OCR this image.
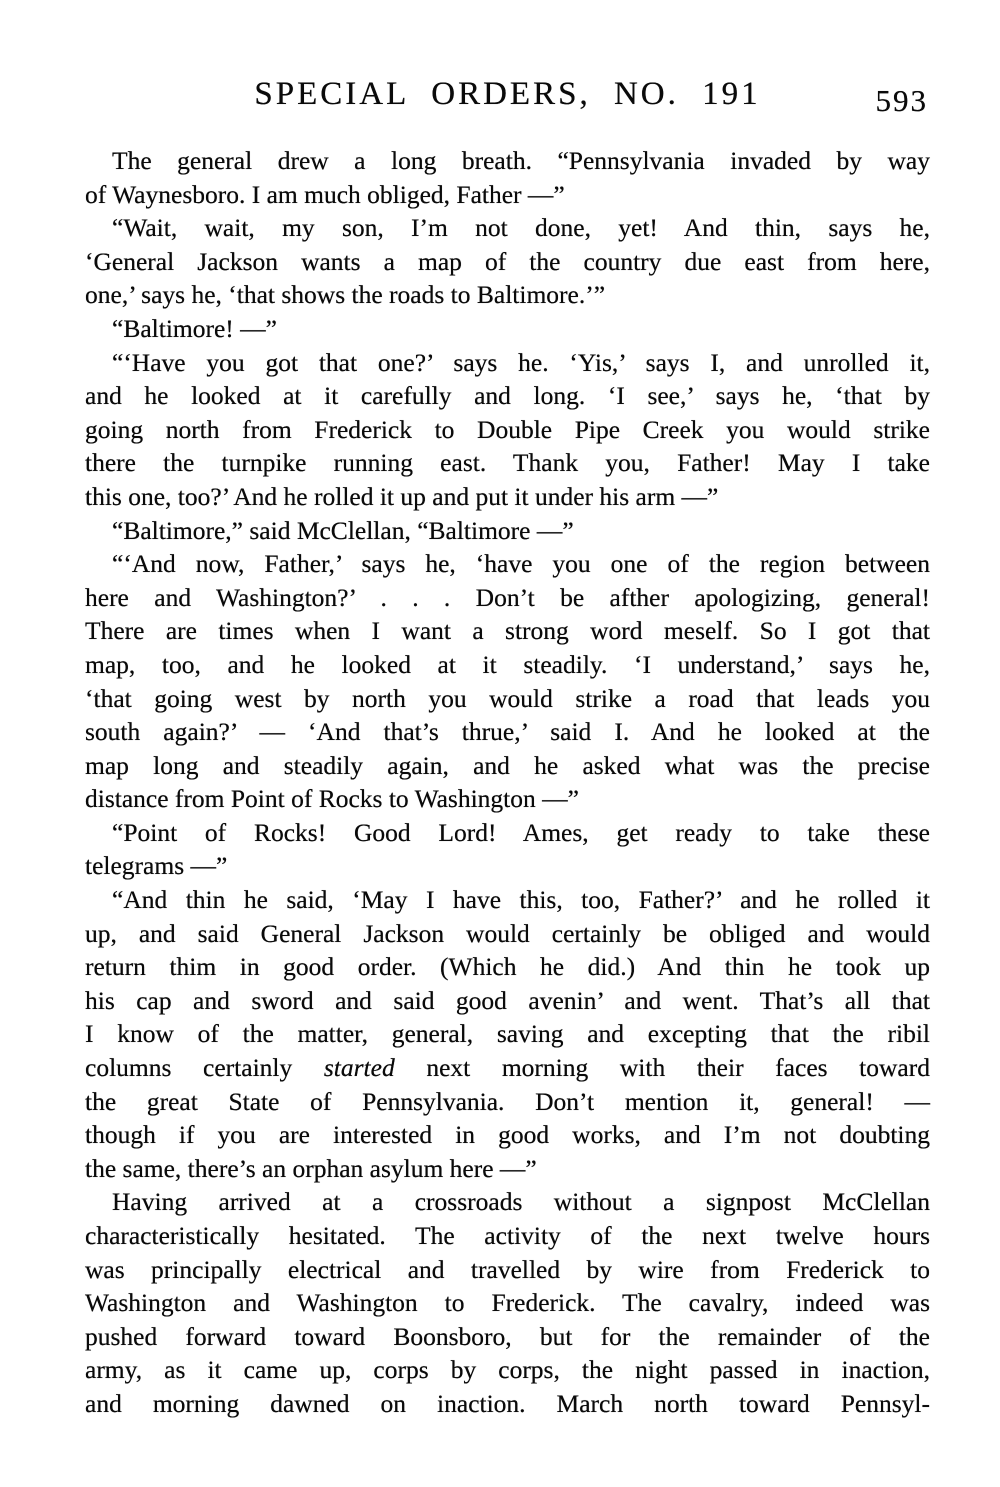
SPECIAL ORDERS, NO. 191	593

The general drew a long breath. “Pennsylvania invaded by way
of Waynesboro. I am much obliged, Father —”

“Wait, wait, my son, I’m not done, yet! And thin, says he,
‘General Jackson wants a map of the country due east from here,
one,’ says he, ‘that shows the roads to Baltimore.’”

“Baltimore! —”

“‘Have you got that one?’ says he. ‘Yis,’ says I, and unrolled it,
and he looked at it carefully and long. ‘I see,’ says he, ‘that by
going north from Frederick to Double Pipe Creek you would strike
there the turnpike running east. Thank you, Father! May I take
this one, too?’ And he rolled it up and put it under his arm —”

“Baltimore,” said McClellan, “Baltimore —”

“‘And now, Father,’ says he, ‘have you one of the region between
here and Washington?’ . . . Don’t be afther apologizing, general!
There are times when I want a strong word meself. So I got that
map, too, and he looked at it steadily. ‘I understand,’ says he,
‘that going west by north you would strike a road that leads you
south again?’ — ‘And that’s thrue,’ said I. And he looked at the
map long and steadily again, and he asked what was the precise
distance from Point of Rocks to Washington —”

“Point of Rocks! Good Lord! Ames, get ready to take these
telegrams —”

“And thin he said, ‘May I have this, too, Father?’ and he rolled it
up, and said General Jackson would certainly be obliged and would
return thim in good order. (Which he did.) And thin he took up
his cap and sword and said good avenin’ and went. That’s all that
I know of the matter, general, saving and excepting that the ribil
columns certainly started next morning with their faces toward
the great State of Pennsylvania. Don’t mention it, general! —
though if you are interested in good works, and I’m not doubting
the same, there’s an orphan asylum here —”

Having arrived at a crossroads without a signpost McClellan
characteristically hesitated. The activity of the next twelve hours
was principally electrical and travelled by wire from Frederick to
Washington and Washington to Frederick. The cavalry, indeed was
pushed forward toward Boonsboro, but for the remainder of the
army, as it came up, corps by corps, the night passed in inaction,
and morning dawned on inaction. March north toward Pennsyl-
